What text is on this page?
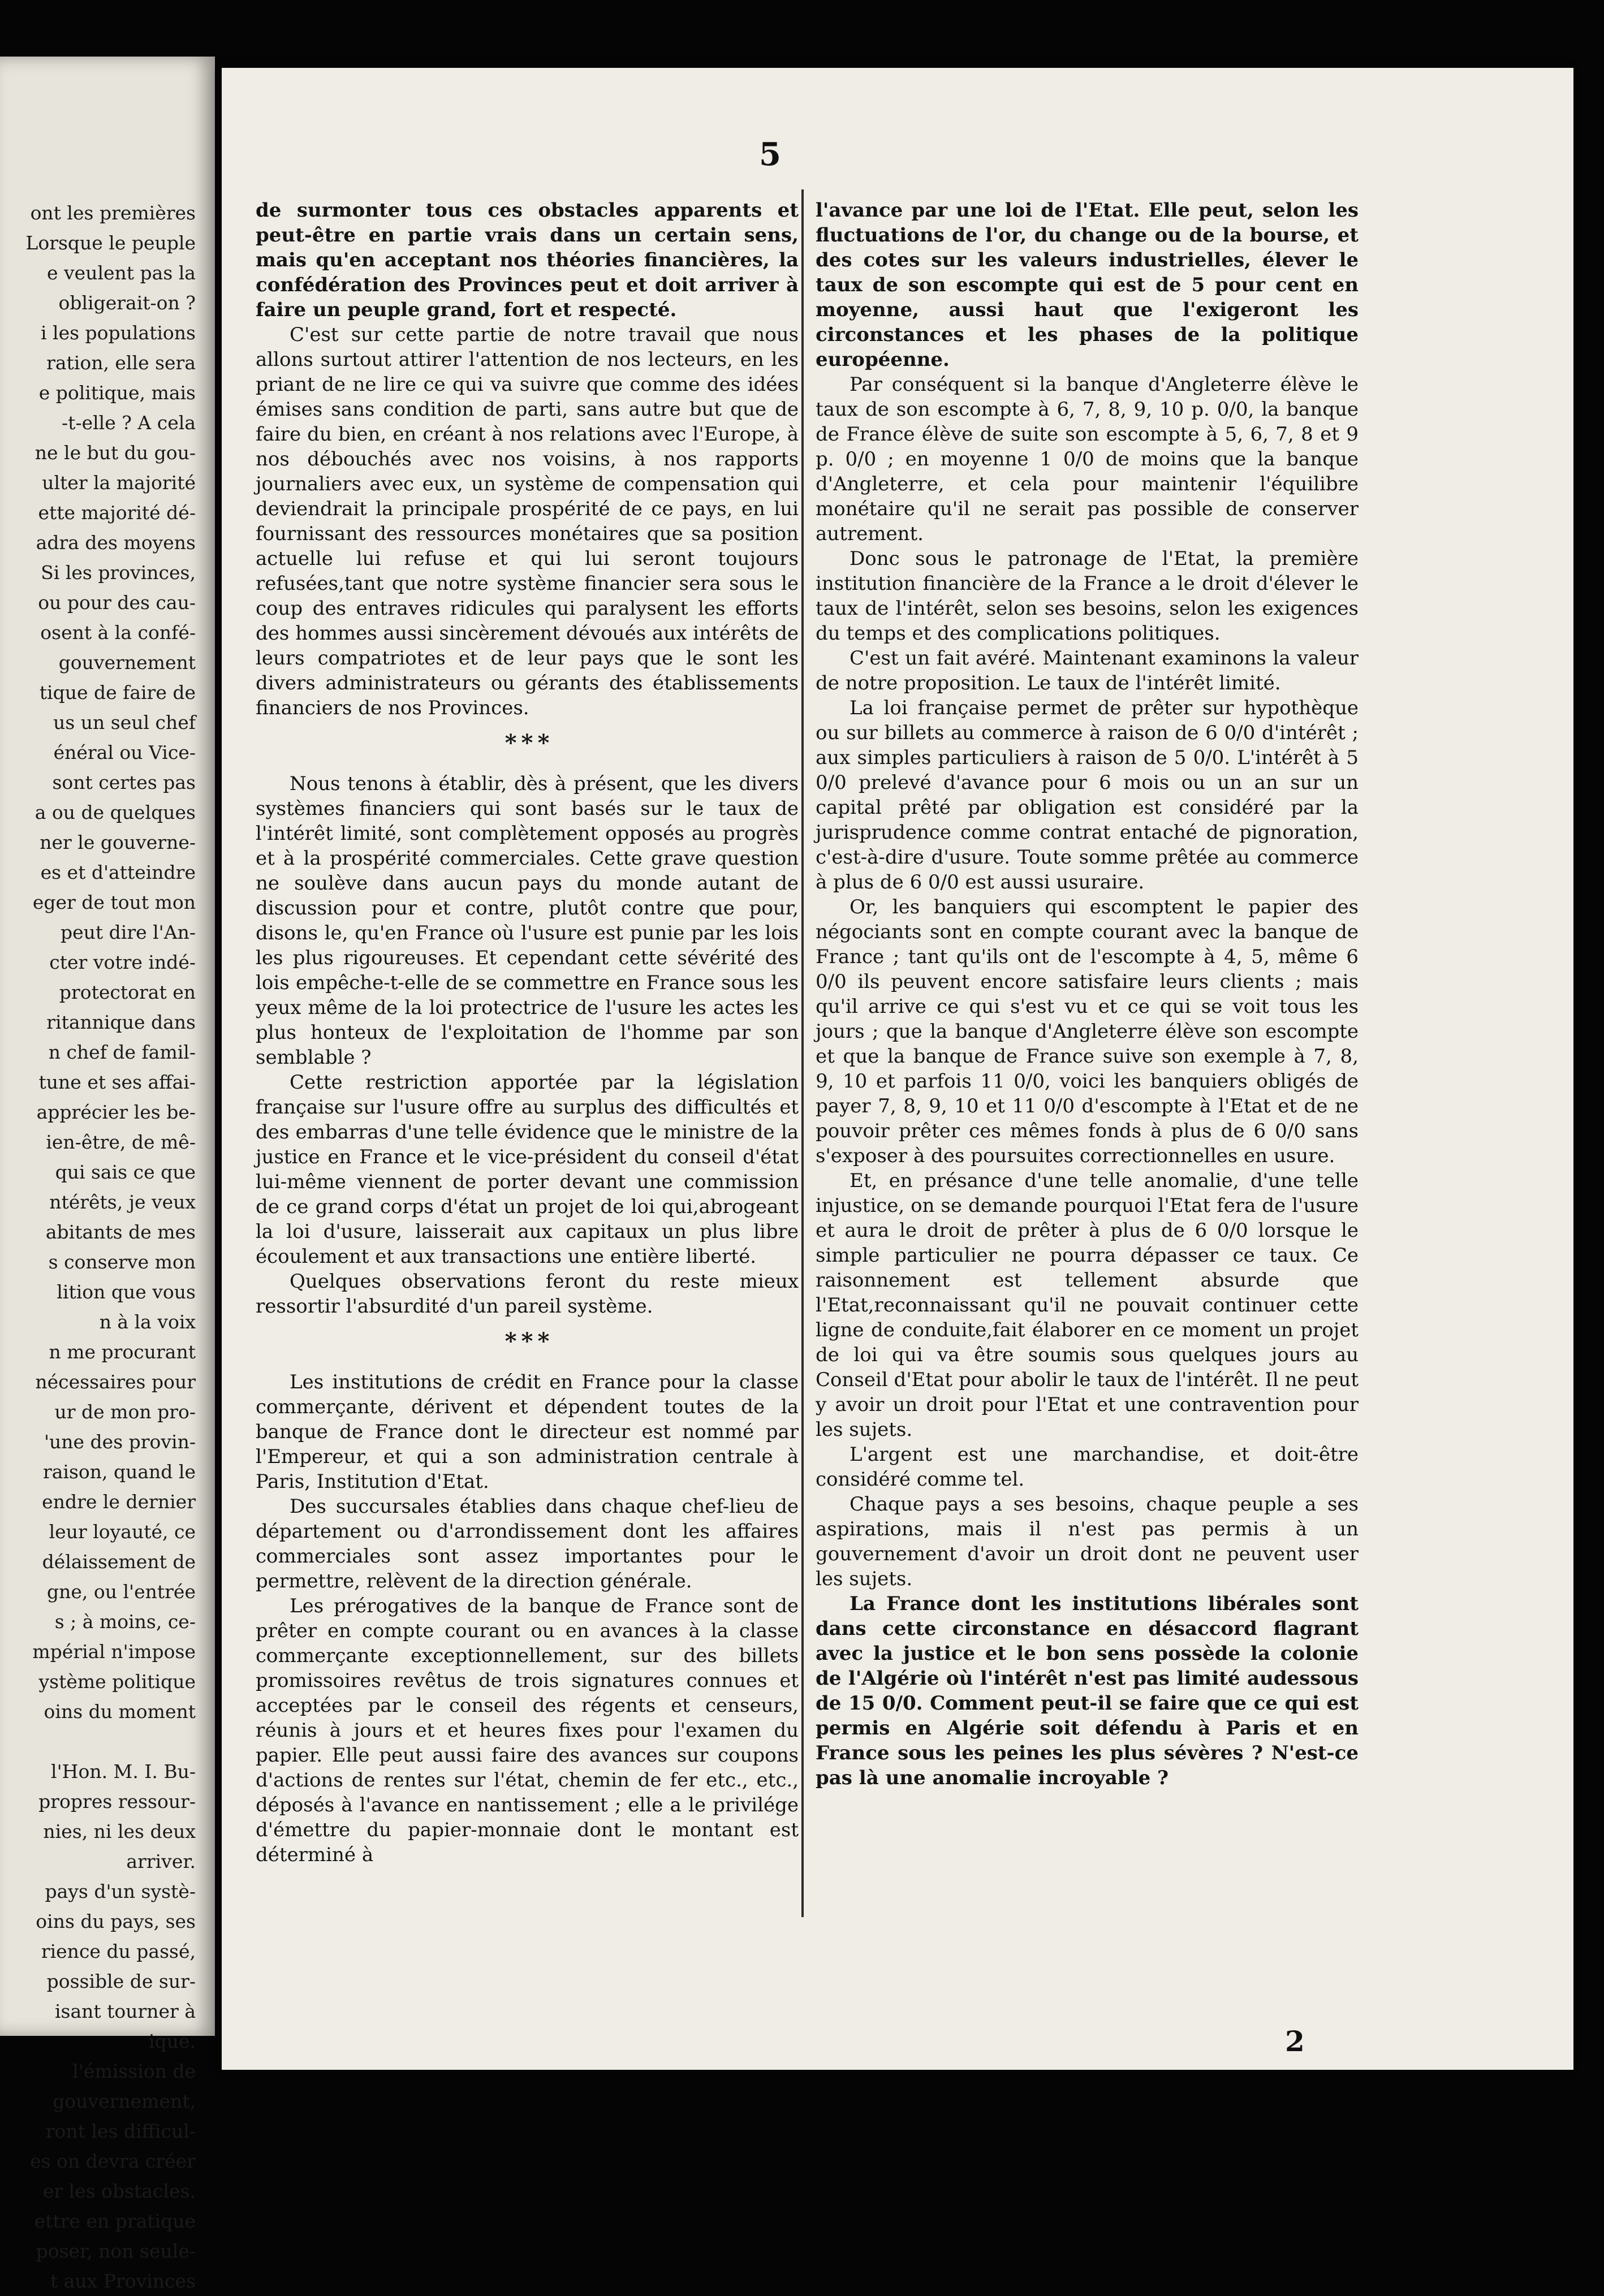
ont les premières
Lorsque le peuple
e veulent pas la
obligerait-on ?
i les populations
ration, elle sera
e politique, mais
-t-elle ? A cela
ne le but du gou-
ulter la majorité
ette majorité dé-
adra des moyens
Si les provinces,
ou pour des cau-
osent à la confé-
gouvernement
tique de faire de
us un seul chef
énéral ou Vice-
sont certes pas
a ou de quelques
ner le gouverne-
es et d'atteindre
eger de tout mon
peut dire l'An-
cter votre indé-
protectorat en
ritannique dans
n chef de famil-
tune et ses affai-
apprécier les be-
ien-être, de mê-
qui sais ce que
ntérêts, je veux
abitants de mes
s conserve mon
lition que vous
n à la voix
n me procurant
nécessaires pour
ur de mon pro-
'une des provin-
raison, quand le
endre le dernier
leur loyauté, ce
délaissement de
gne, ou l'entrée
s ; à moins, ce-
mpérial n'impose
ystème politique
oins du moment
l'Hon. M. I. Bu-
propres ressour-
nies, ni les deux
arriver.
pays d'un systè-
oins du pays, ses
rience du passé,
possible de sur-
isant tourner à
ique.
l'émission de
gouvernement,
ront les difficul-
es on devra créer
er les obstacles.
ettre en pratique
poser, non seule-
t aux Provinces
5

de surmonter tous ces obstacles apparents et peut-être en partie vrais dans un certain sens, mais qu'en acceptant nos théories financières, la confédération des Provinces peut et doit arriver à faire un peuple grand, fort et respecté.

C'est sur cette partie de notre travail que nous allons surtout attirer l'attention de nos lecteurs, en les priant de ne lire ce qui va suivre que comme des idées émises sans condition de parti, sans autre but que de faire du bien, en créant à nos relations avec l'Europe, à nos débouchés avec nos voisins, à nos rapports journaliers avec eux, un système de compensation qui deviendrait la principale prospérité de ce pays, en lui fournissant des ressources monétaires que sa position actuelle lui refuse et qui lui seront toujours refusées,tant que notre système financier sera sous le coup des entraves ridicules qui paralysent les efforts des hommes aussi sincèrement dévoués aux intérêts de leurs compatriotes et de leur pays que le sont les divers administrateurs ou gérants des établissements financiers de nos Provinces.

* * *

Nous tenons à établir, dès à présent, que les divers systèmes financiers qui sont basés sur le taux de l'intérêt limité, sont complètement opposés au progrès et à la prospérité commerciales. Cette grave question ne soulève dans aucun pays du monde autant de discussion pour et contre, plutôt contre que pour, disons le, qu'en France où l'usure est punie par les lois les plus rigoureuses. Et cependant cette sévérité des lois empêche-t-elle de se commettre en France sous les yeux même de la loi protectrice de l'usure les actes les plus honteux de l'exploitation de l'homme par son semblable ?

Cette restriction apportée par la législation française sur l'usure offre au surplus des difficultés et des embarras d'une telle évidence que le ministre de la justice en France et le vice-président du conseil d'état lui-même viennent de porter devant une commission de ce grand corps d'état un projet de loi qui,abrogeant la loi d'usure, laisserait aux capitaux un plus libre écoulement et aux transactions une entière liberté.

Quelques observations feront du reste mieux ressortir l'absurdité d'un pareil système.

* * *

Les institutions de crédit en France pour la classe commerçante, dérivent et dépendent toutes de la banque de France dont le directeur est nommé par l'Empereur, et qui a son administration centrale à Paris, Institution d'Etat.

Des succursales établies dans chaque chef-lieu de département ou d'arrondissement dont les affaires commerciales sont assez importantes pour le permettre, relèvent de la direction générale.

Les prérogatives de la banque de France sont de prêter en compte courant ou en avances à la classe commerçante exceptionnellement, sur des billets promissoires revêtus de trois signatures connues et acceptées par le conseil des régents et censeurs, réunis à jours et et heures fixes pour l'examen du papier. Elle peut aussi faire des avances sur coupons d'actions de rentes sur l'état, chemin de fer etc., etc., déposés à l'avance en nantissement ; elle a le privilége d'émettre du papier-monnaie dont le montant est déterminé à

l'avance par une loi de l'Etat. Elle peut, selon les fluctuations de l'or, du change ou de la bourse, et des cotes sur les valeurs industrielles, élever le taux de son escompte qui est de 5 pour cent en moyenne, aussi haut que l'exigeront les circonstances et les phases de la politique européenne.

Par conséquent si la banque d'Angleterre élève le taux de son escompte à 6, 7, 8, 9, 10 p. 0/0, la banque de France élève de suite son escompte à 5, 6, 7, 8 et 9 p. 0/0 ; en moyenne 1 0/0 de moins que la banque d'Angleterre, et cela pour maintenir l'équilibre monétaire qu'il ne serait pas possible de conserver autrement.

Donc sous le patronage de l'Etat, la première institution financière de la France a le droit d'élever le taux de l'intérêt, selon ses besoins, selon les exigences du temps et des complications politiques.

C'est un fait avéré. Maintenant examinons la valeur de notre proposition. Le taux de l'intérêt limité.

La loi française permet de prêter sur hypothèque ou sur billets au commerce à raison de 6 0/0 d'intérêt ; aux simples particuliers à raison de 5 0/0. L'intérêt à 5 0/0 prelevé d'avance pour 6 mois ou un an sur un capital prêté par obligation est considéré par la jurisprudence comme contrat entaché de pignoration, c'est-à-dire d'usure. Toute somme prêtée au commerce à plus de 6 0/0 est aussi usuraire.

Or, les banquiers qui escomptent le papier des négociants sont en compte courant avec la banque de France ; tant qu'ils ont de l'escompte à 4, 5, même 6 0/0 ils peuvent encore satisfaire leurs clients ; mais qu'il arrive ce qui s'est vu et ce qui se voit tous les jours ; que la banque d'Angleterre élève son escompte et que la banque de France suive son exemple à 7, 8, 9, 10 et parfois 11 0/0, voici les banquiers obligés de payer 7, 8, 9, 10 et 11 0/0 d'escompte à l'Etat et de ne pouvoir prêter ces mêmes fonds à plus de 6 0/0 sans s'exposer à des poursuites correctionnelles en usure.

Et, en présance d'une telle anomalie, d'une telle injustice, on se demande pourquoi l'Etat fera de l'usure et aura le droit de prêter à plus de 6 0/0 lorsque le simple particulier ne pourra dépasser ce taux. Ce raisonnement est tellement absurde que l'Etat,reconnaissant qu'il ne pouvait continuer cette ligne de conduite,fait élaborer en ce moment un projet de loi qui va être soumis sous quelques jours au Conseil d'Etat pour abolir le taux de l'intérêt. Il ne peut y avoir un droit pour l'Etat et une contravention pour les sujets.

L'argent est une marchandise, et doit-être considéré comme tel.

Chaque pays a ses besoins, chaque peuple a ses aspirations, mais il n'est pas permis à un gouvernement d'avoir un droit dont ne peuvent user les sujets.

La France dont les institutions libérales sont dans cette circonstance en désaccord flagrant avec la justice et le bon sens possède la colonie de l'Algérie où l'intérêt n'est pas limité audessous de 15 0/0. Comment peut-il se faire que ce qui est permis en Algérie soit défendu à Paris et en France sous les peines les plus sévères ? N'est-ce pas là une anomalie incroyable ?

2
